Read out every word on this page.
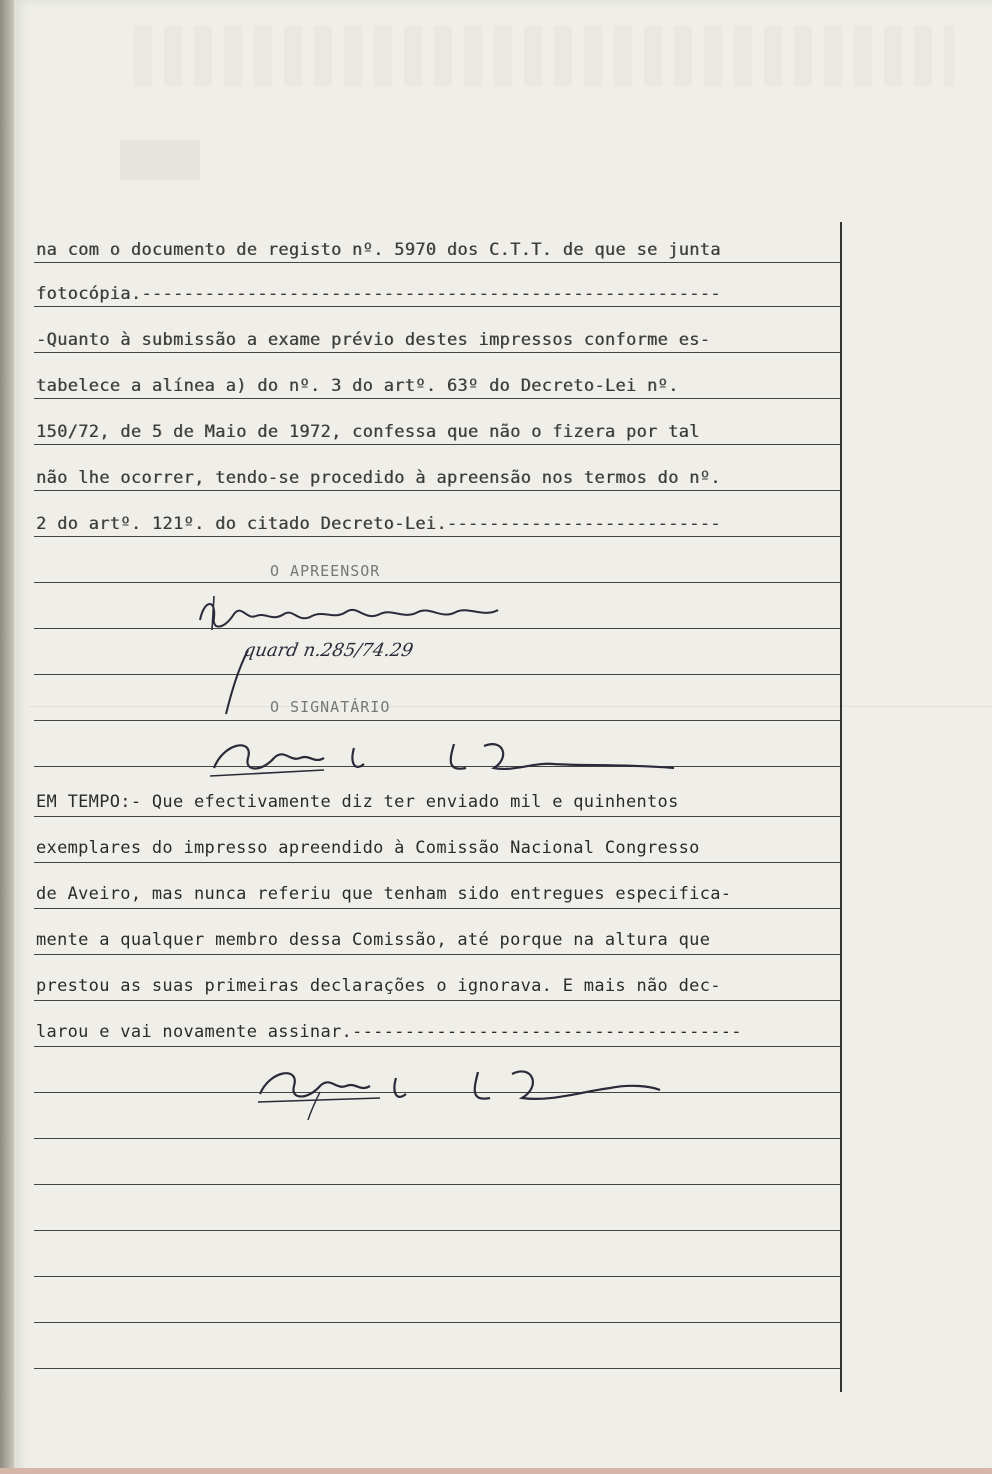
na com o documento de registo nº. 5970 dos C.T.T. de que se junta
fotocópia.-------------------------------------------------------
-Quanto à submissão a exame prévio destes impressos conforme es-
tabelece a alínea a) do nº. 3 do artº. 63º do Decreto-Lei nº.
150/72, de 5 de Maio de 1972, confessa que não o fizera por tal
não lhe ocorrer, tendo-se procedido à apreensão nos termos do nº.
2 do artº. 121º. do citado Decreto-Lei.--------------------------
O APREENSOR
quard n.285/74.29
O SIGNATÁRIO
EM TEMPO:- Que efectivamente diz ter enviado mil e quinhentos
exemplares do impresso apreendido à Comissão Nacional Congresso
de Aveiro, mas nunca referiu que tenham sido entregues especifica-
mente a qualquer membro dessa Comissão, até porque na altura que
prestou as suas primeiras declarações o ignorava. E mais não dec-
larou e vai novamente assinar.-------------------------------------
